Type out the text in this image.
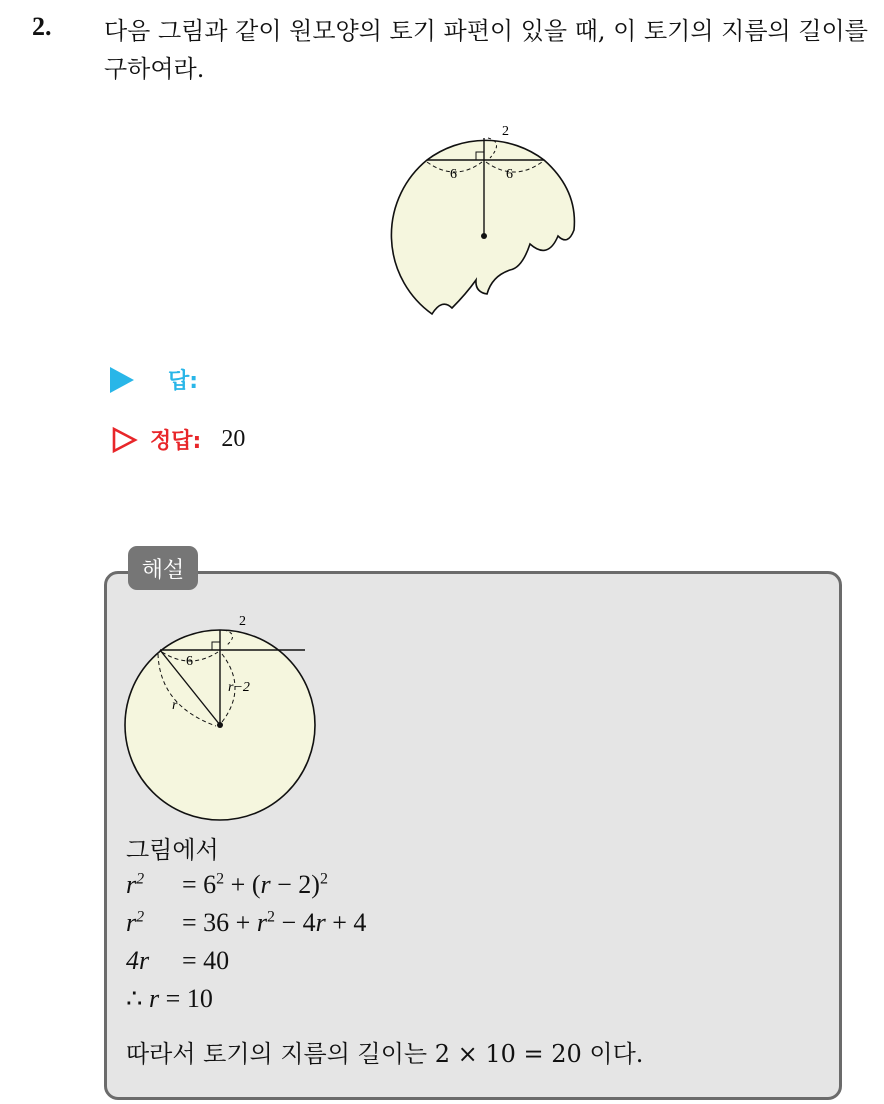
2. 다음 그림과 같이 원모양의 토기 파편이 있을 때, 이 토기의 지름의 길이를 구하여라.
2
6	6
답:
정답: 20
해설
2
6
r−2
r
그림에서
$r^2 = 6^2 + (r - 2)^2$
$r^2 = 36 + r^2 - 4r + 4$
4r = 40
∴ r = 10
따라서 토기의 지름의 길이는 2 × 10 = 20 이다.
